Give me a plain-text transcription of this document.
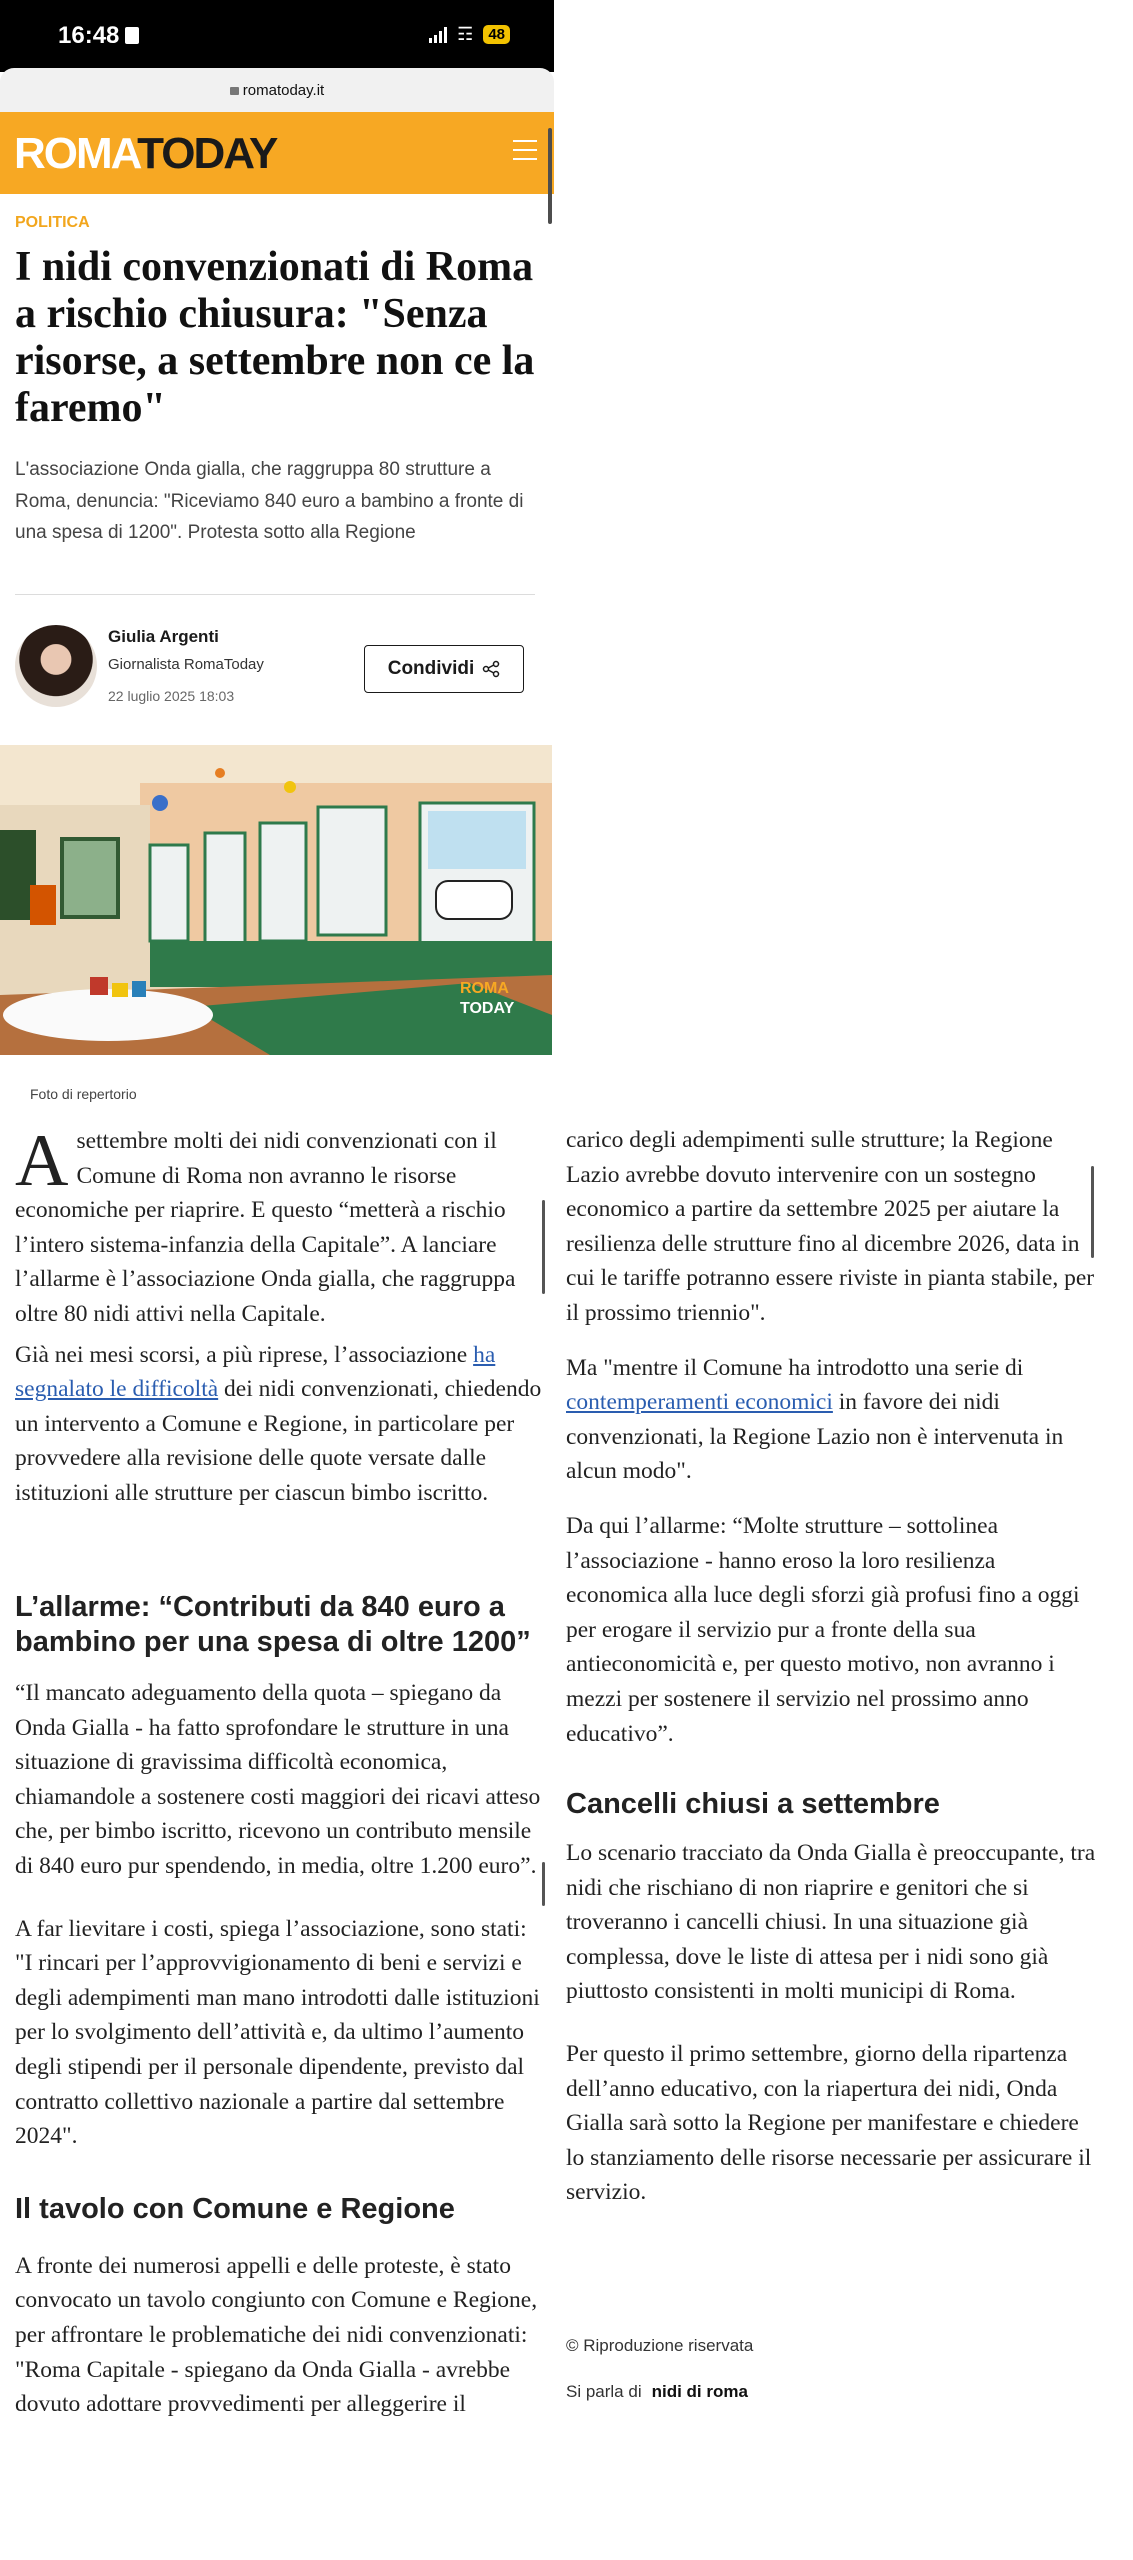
16:48	☶	48
romatoday.it
ROMATODAY
POLITICA
I nidi convenzionati di Roma a rischio chiusura: "Senza risorse, a settembre non ce la faremo"

L'associazione Onda gialla, che raggruppa 80 strutture a Roma, denuncia: "Riceviamo 840 euro a bambino a fronte di una spesa di 1200". Protesta sotto alla Regione

Giulia Argenti
Giornalista RomaToday
22 luglio 2025 18:03
Condividi
ROMA
TODAY
Foto di repertorio

Asettembre molti dei nidi convenzionati con il Comune di Roma non avranno le risorse economiche per riaprire. E questo “metterà a rischio l’intero sistema-infanzia della Capitale”. A lanciare l’allarme è l’associazione Onda gialla, che raggruppa oltre 80 nidi attivi nella Capitale.

Già nei mesi scorsi, a più riprese, l’associazione ha segnalato le difficoltà dei nidi convenzionati, chiedendo un intervento a Comune e Regione, in particolare per provvedere alla revisione delle quote versate dalle istituzioni alle strutture per ciascun bimbo iscritto.

L’allarme: “Contributi da 840 euro a bambino per una spesa di oltre 1200”

“Il mancato adeguamento della quota – spiegano da Onda Gialla - ha fatto sprofondare le strutture in una situazione di gravissima difficoltà economica, chiamandole a sostenere costi maggiori dei ricavi atteso che, per bimbo iscritto, ricevono un contributo mensile di 840 euro pur spendendo, in media, oltre 1.200 euro”.

A far lievitare i costi, spiega l’associazione, sono stati: "I rincari per l’approvvigionamento di beni e servizi e degli adempimenti man mano introdotti dalle istituzioni per lo svolgimento dell’attività e, da ultimo l’aumento degli stipendi per il personale dipendente, previsto dal contratto collettivo nazionale a partire dal settembre 2024".

Il tavolo con Comune e Regione

A fronte dei numerosi appelli e delle proteste, è stato convocato un tavolo congiunto con Comune e Regione, per affrontare le problematiche dei nidi convenzionati: "Roma Capitale - spiegano da Onda Gialla - avrebbe dovuto adottare provvedimenti per alleggerire il

carico degli adempimenti sulle strutture; la Regione Lazio avrebbe dovuto intervenire con un sostegno economico a partire da settembre 2025 per aiutare la resilienza delle strutture fino al dicembre 2026, data in cui le tariffe potranno essere riviste in pianta stabile, per il prossimo triennio".

Ma "mentre il Comune ha introdotto una serie di contemperamenti economici in favore dei nidi convenzionati, la Regione Lazio non è intervenuta in alcun modo".

Da qui l’allarme: “Molte strutture – sottolinea l’associazione - hanno eroso la loro resilienza economica alla luce degli sforzi già profusi fino a oggi per erogare il servizio pur a fronte della sua antieconomicità e, per questo motivo, non avranno i mezzi per sostenere il servizio nel prossimo anno educativo”.

Cancelli chiusi a settembre

Lo scenario tracciato da Onda Gialla è preoccupante, tra nidi che rischiano di non riaprire e genitori che si troveranno i cancelli chiusi. In una situazione già complessa, dove le liste di attesa per i nidi sono già piuttosto consistenti in molti municipi di Roma.

Per questo il primo settembre, giorno della ripartenza dell’anno educativo, con la riapertura dei nidi, Onda Gialla sarà sotto la Regione per manifestare e chiedere lo stanziamento delle risorse necessarie per assicurare il servizio.

© Riproduzione riservata
Si parla di nidi di roma
